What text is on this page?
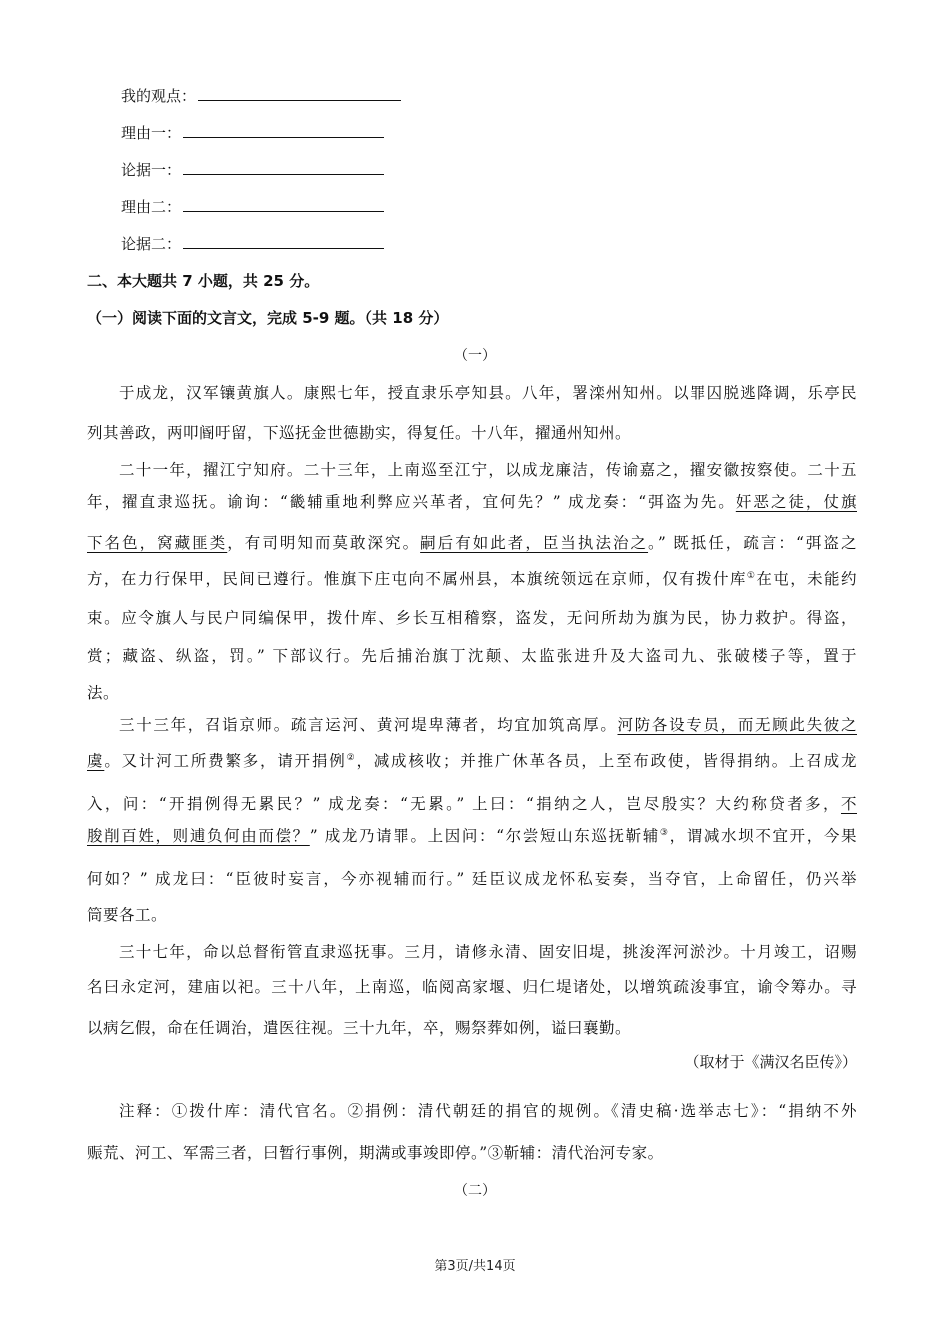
我的观点：
理由一：
论据一：
理由二：
论据二：
二、本大题共 7 小题，共 25 分。
（一）阅读下面的文言文，完成 5-9 题。（共 18 分）
（一）
于成龙，汉军镶黄旗人。康熙七年，授直隶乐亭知县。八年，署滦州知州。以罪囚脱逃降调，乐亭民
列其善政，两叩阍吁留，下巡抚金世德勘实，得复任。十八年，擢通州知州。
二十一年，擢江宁知府。二十三年，上南巡至江宁，以成龙廉洁，传谕嘉之，擢安徽按察使。二十五
年，擢直隶巡抚。谕询：“畿辅重地利弊应兴革者，宜何先？” 成龙奏：“弭盗为先。奸恶之徒，仗旗
下名色，窝藏匪类，有司明知而莫敢深究。嗣后有如此者，臣当执法治之。” 既抵任，疏言：“弭盗之
方，在力行保甲，民间已遵行。惟旗下庄屯向不属州县，本旗统领远在京师，仅有拨什库①在屯，未能约
束。应令旗人与民户同编保甲，拨什库、乡长互相稽察，盗发，无问所劫为旗为民，协力救护。得盗，
赏；藏盗、纵盗，罚。” 下部议行。先后捕治旗丁沈颠、太监张进升及大盗司九、张破楼子等，置于
法。
三十三年，召诣京师。疏言运河、黄河堤卑薄者，均宜加筑高厚。河防各设专员，而无顾此失彼之
虞。又计河工所费繁多，请开捐例②，减成核收；并推广休革各员，上至布政使，皆得捐纳。上召成龙
入，问：“开捐例得无累民？” 成龙奏：“无累。” 上曰：“捐纳之人，岂尽殷实？大约称贷者多，不
朘削百姓，则逋负何由而偿？” 成龙乃请罪。上因问：“尔尝短山东巡抚靳辅③，谓减水坝不宜开，今果
何如？” 成龙曰：“臣彼时妄言，今亦视辅而行。” 廷臣议成龙怀私妄奏，当夺官，上命留任，仍兴举
筒要各工。
三十七年，命以总督衔管直隶巡抚事。三月，请修永清、固安旧堤，挑浚浑河淤沙。十月竣工，诏赐
名曰永定河，建庙以祀。三十八年，上南巡，临阅高家堰、归仁堤诸处，以增筑疏浚事宜，谕令筹办。寻
以病乞假，命在任调治，遣医往视。三十九年，卒，赐祭葬如例，谥曰襄勤。
（取材于《满汉名臣传》）
注释：①拨什库：清代官名。②捐例：清代朝廷的捐官的规例。《清史稿·选举志七》：“捐纳不外
赈荒、河工、军需三者，曰暂行事例，期满或事竣即停。”③靳辅：清代治河专家。
（二）
第3页/共14页
